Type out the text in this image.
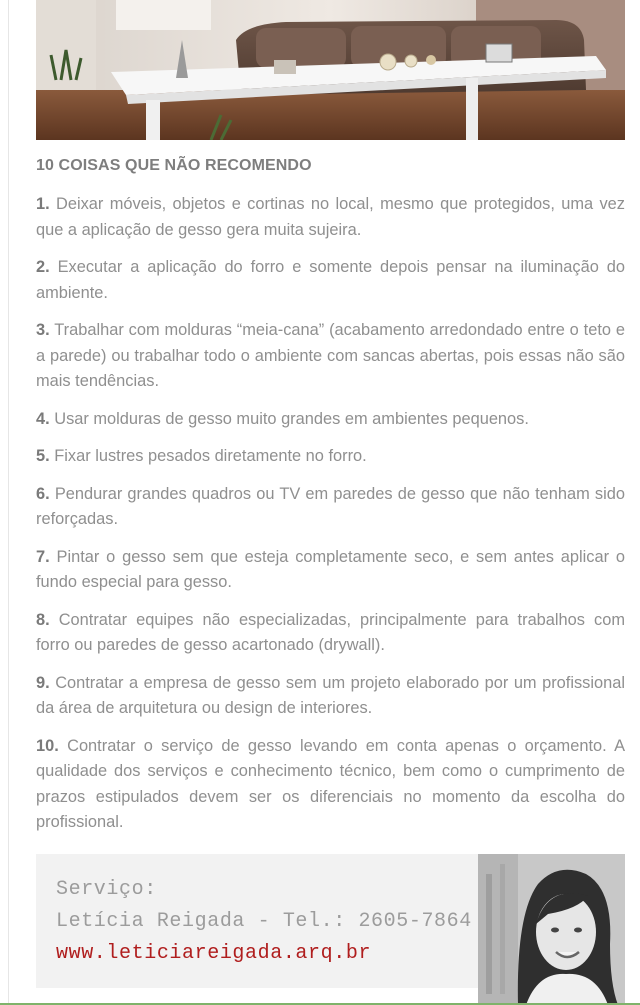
10 COISAS QUE NÃO RECOMENDO

1. Deixar móveis, objetos e cortinas no local, mesmo que protegidos, uma vez que a aplicação de gesso gera muita sujeira.

2. Executar a aplicação do forro e somente depois pensar na iluminação do ambiente.

3. Trabalhar com molduras “meia-cana” (acabamento arredondado entre o teto e a parede) ou trabalhar todo o ambiente com sancas abertas, pois essas não são mais tendências.

4. Usar molduras de gesso muito grandes em ambientes pequenos.

5. Fixar lustres pesados diretamente no forro.

6. Pendurar grandes quadros ou TV em paredes de gesso que não tenham sido reforçadas.

7. Pintar o gesso sem que esteja completamente seco, e sem antes aplicar o fundo especial para gesso.

8. Contratar equipes não especializadas, principalmente para trabalhos com forro ou paredes de gesso acartonado (drywall).

9. Contratar a empresa de gesso sem um projeto elaborado por um profissional da área de arquitetura ou design de interiores.

10. Contratar o serviço de gesso levando em conta apenas o orçamento. A qualidade dos serviços e conhecimento técnico, bem como o cumprimento de prazos estipulados devem ser os diferenciais no momento da escolha do profissional.

Serviço:
Letícia Reigada - Tel.: 2605-7864
www.leticiareigada.arq.br
